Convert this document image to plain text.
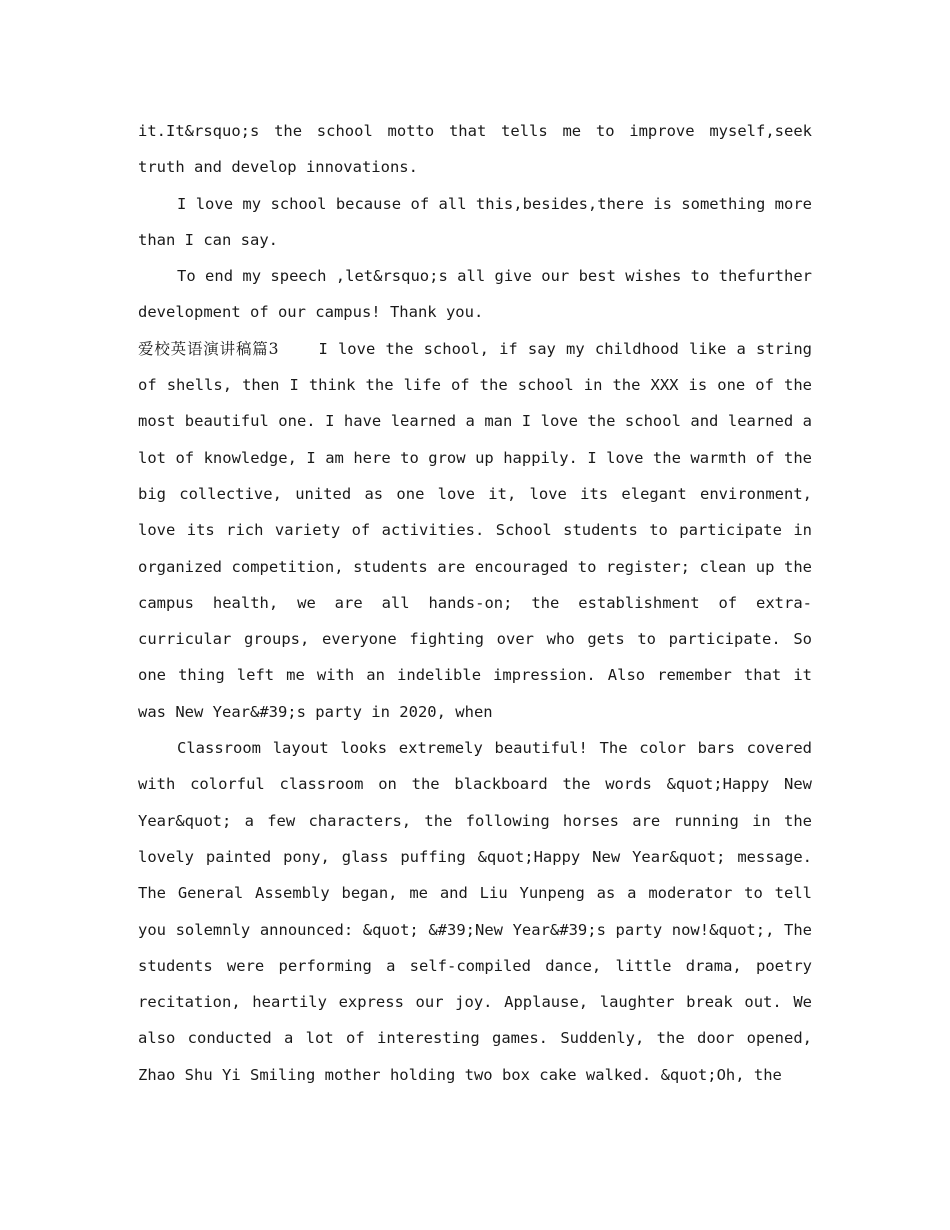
it.It&rsquo;s the school motto that tells me to improve myself,seek truth and develop innovations.

I love my school because of all this,besides,there is something more than I can say.

To end my speech ,let&rsquo;s all give our best wishes to thefurther development of our campus! Thank you.

爱校英语演讲稿篇3	I love the school, if say my childhood like a string of shells, then I think the life of the school in the XXX is one of the most beautiful one. I have learned a man I love the school and learned a lot of knowledge, I am here to grow up happily. I love the warmth of the big collective, united as one love it, love its elegant environment, love its rich variety of activities. School students to participate in organized competition, students are encouraged to register; clean up the campus health, we are all hands-on; the establishment of extra-curricular groups, everyone fighting over who gets to participate. So one thing left me with an indelible impression. Also remember that it was New Year&#39;s party in 2020, when

Classroom layout looks extremely beautiful! The color bars covered with colorful classroom on the blackboard the words &quot;Happy New Year&quot; a few characters, the following horses are running in the lovely painted pony, glass puffing &quot;Happy New Year&quot; message. The General Assembly began, me and Liu Yunpeng as a moderator to tell you solemnly announced: &quot; &#39;New Year&#39;s party now!&quot;, The students were performing a self-compiled dance, little drama, poetry recitation, heartily express our joy. Applause, laughter break out. We also conducted a lot of interesting games. Suddenly, the door opened, Zhao Shu Yi Smiling mother holding two box cake walked. &quot;Oh, the
